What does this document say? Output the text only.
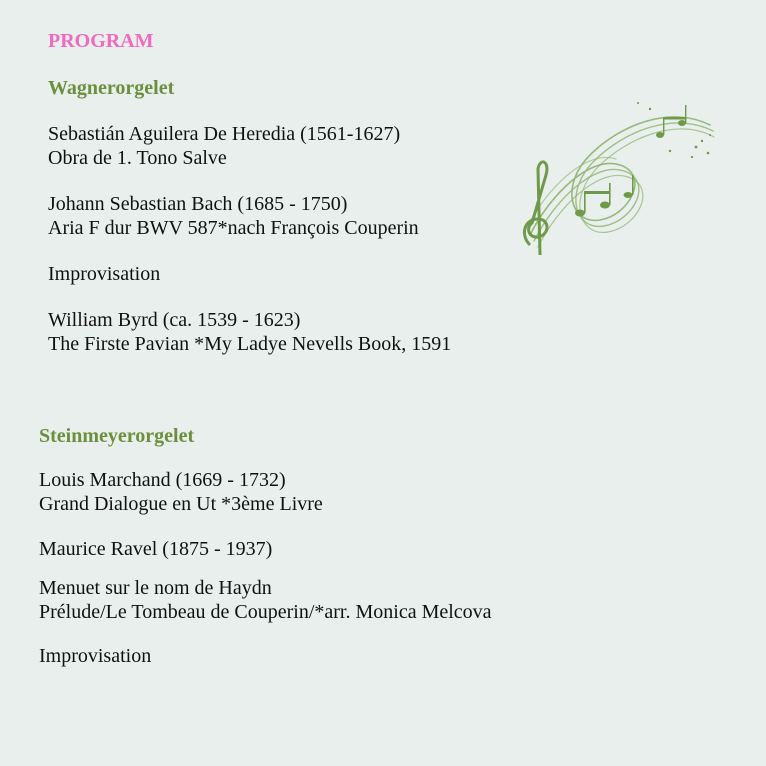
PROGRAM
Wagnerorgelet
Sebastián Aguilera De Heredia (1561-1627)
Obra de 1. Tono Salve
Johann Sebastian Bach (1685 - 1750)
Aria F dur BWV 587*nach François Couperin
Improvisation
William Byrd (ca. 1539 - 1623)
The Firste Pavian *My Ladye Nevells Book, 1591
Steinmeyerorgelet
Louis Marchand (1669 - 1732)
Grand Dialogue en Ut *3ème Livre
Maurice Ravel (1875 - 1937)
Menuet sur le nom de Haydn
Prélude/Le Tombeau de Couperin/*arr. Monica Melcova
Improvisation
